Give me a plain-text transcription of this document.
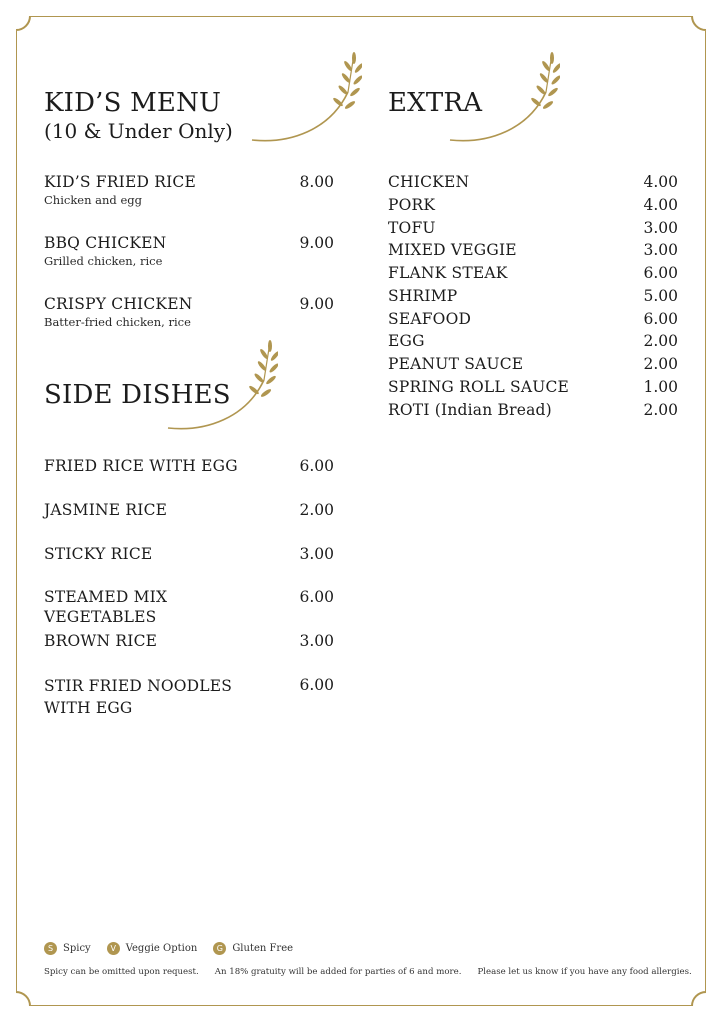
KID’S MENU
(10 & Under Only)
KID’S FRIED RICE	8.00
Chicken and egg
BBQ CHICKEN	9.00
Grilled chicken, rice
CRISPY CHICKEN	9.00
Batter-fried chicken, rice
SIDE DISHES
FRIED RICE WITH EGG	6.00
JASMINE RICE	2.00
STICKY RICE	3.00
STEAMED MIX VEGETABLES
6.00
BROWN RICE	3.00
STIR FRIED NOODLES WITH EGG
6.00
EXTRA
CHICKEN	4.00
PORK	4.00
TOFU	3.00
MIXED VEGGIE	3.00
FLANK STEAK	6.00
SHRIMP	5.00
SEAFOOD	6.00
EGG	2.00
PEANUT SAUCE	2.00
SPRING ROLL SAUCE	1.00
ROTI (Indian Bread)	2.00
S Spicy	V Veggie Option	G Gluten Free
Spicy can be omitted upon request. An 18% gratuity will be added for parties of 6 and more. Please let us know if you have any food allergies.
